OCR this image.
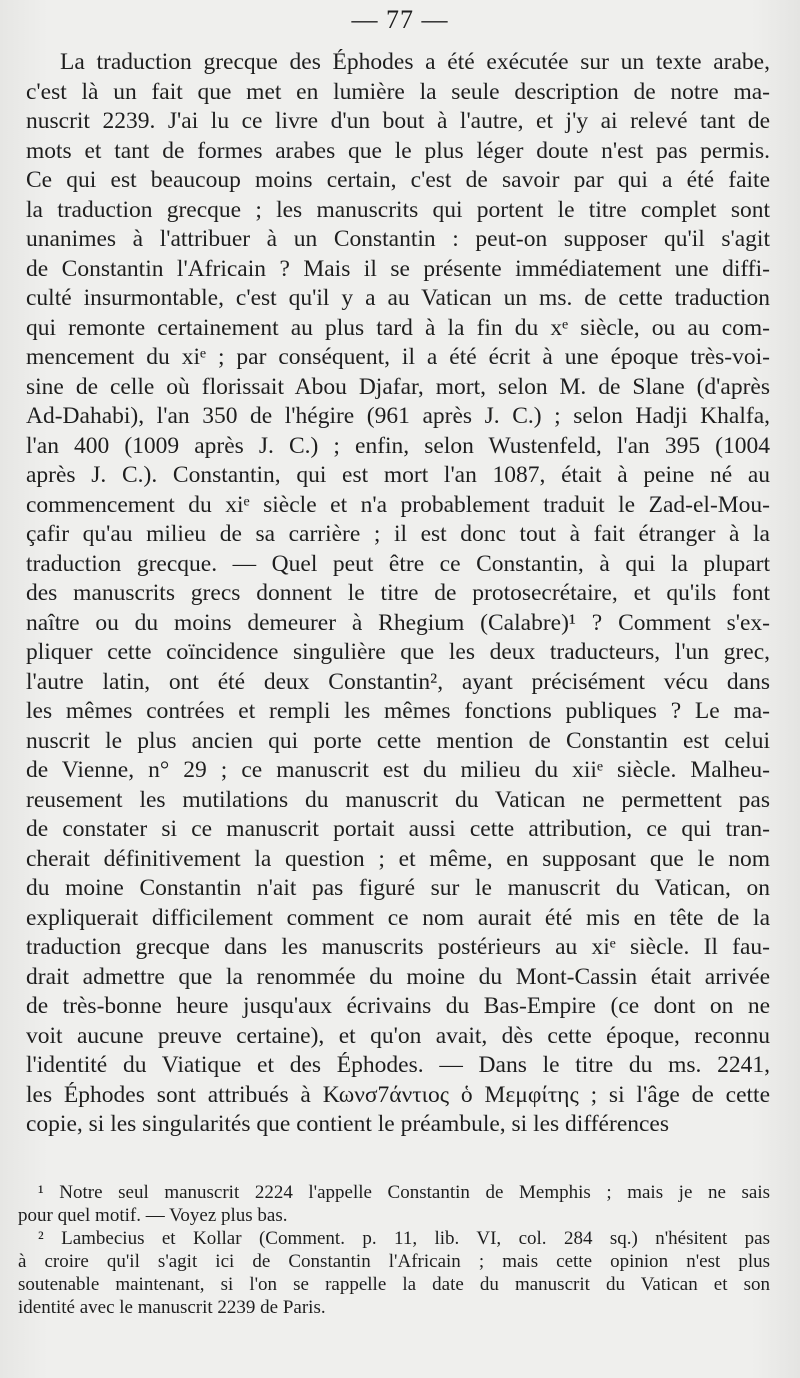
— 77 —
La traduction grecque des Éphodes a été exécutée sur un texte arabe,
c'est là un fait que met en lumière la seule description de notre ma-
nuscrit 2239. J'ai lu ce livre d'un bout à l'autre, et j'y ai relevé tant de
mots et tant de formes arabes que le plus léger doute n'est pas permis.
Ce qui est beaucoup moins certain, c'est de savoir par qui a été faite
la traduction grecque ; les manuscrits qui portent le titre complet sont
unanimes à l'attribuer à un Constantin : peut-on supposer qu'il s'agit
de Constantin l'Africain ? Mais il se présente immédiatement une diffi-
culté insurmontable, c'est qu'il y a au Vatican un ms. de cette traduction
qui remonte certainement au plus tard à la fin du xᵉ siècle, ou au com-
mencement du xiᵉ ; par conséquent, il a été écrit à une époque très-voi-
sine de celle où florissait Abou Djafar, mort, selon M. de Slane (d'après
Ad-Dahabi), l'an 350 de l'hégire (961 après J. C.) ; selon Hadji Khalfa,
l'an 400 (1009 après J. C.) ; enfin, selon Wustenfeld, l'an 395 (1004
après J. C.). Constantin, qui est mort l'an 1087, était à peine né au
commencement du xiᵉ siècle et n'a probablement traduit le Zad-el-Mou-
çafir qu'au milieu de sa carrière ; il est donc tout à fait étranger à la
traduction grecque. — Quel peut être ce Constantin, à qui la plupart
des manuscrits grecs donnent le titre de protosecrétaire, et qu'ils font
naître ou du moins demeurer à Rhegium (Calabre)¹ ? Comment s'ex-
pliquer cette coïncidence singulière que les deux traducteurs, l'un grec,
l'autre latin, ont été deux Constantin², ayant précisément vécu dans
les mêmes contrées et rempli les mêmes fonctions publiques ? Le ma-
nuscrit le plus ancien qui porte cette mention de Constantin est celui
de Vienne, n° 29 ; ce manuscrit est du milieu du xiiᵉ siècle. Malheu-
reusement les mutilations du manuscrit du Vatican ne permettent pas
de constater si ce manuscrit portait aussi cette attribution, ce qui tran-
cherait définitivement la question ; et même, en supposant que le nom
du moine Constantin n'ait pas figuré sur le manuscrit du Vatican, on
expliquerait difficilement comment ce nom aurait été mis en tête de la
traduction grecque dans les manuscrits postérieurs au xiᵉ siècle. Il fau-
drait admettre que la renommée du moine du Mont-Cassin était arrivée
de très-bonne heure jusqu'aux écrivains du Bas-Empire (ce dont on ne
voit aucune preuve certaine), et qu'on avait, dès cette époque, reconnu
l'identité du Viatique et des Éphodes. — Dans le titre du ms. 2241,
les Éphodes sont attribués à Κωνσ7άντιος ὁ Μεμφίτης ; si l'âge de cette
copie, si les singularités que contient le préambule, si les différences
¹ Notre seul manuscrit 2224 l'appelle Constantin de Memphis ; mais je ne sais
pour quel motif. — Voyez plus bas.
² Lambecius et Kollar (Comment. p. 11, lib. VI, col. 284 sq.) n'hésitent pas
à croire qu'il s'agit ici de Constantin l'Africain ; mais cette opinion n'est plus
soutenable maintenant, si l'on se rappelle la date du manuscrit du Vatican et son
identité avec le manuscrit 2239 de Paris.
